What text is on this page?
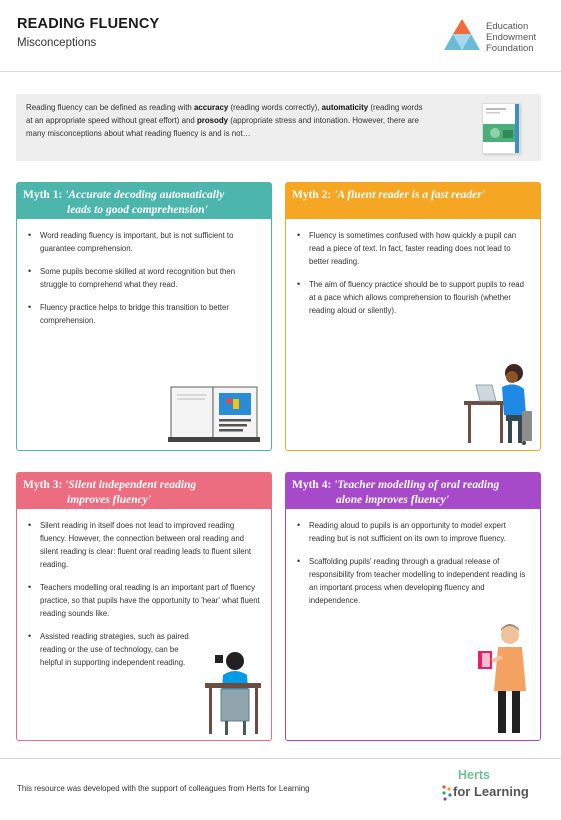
READING FLUENCY
Misconceptions
Education
Endowment
Foundation
Reading fluency can be defined as reading with accuracy (reading words correctly), automaticity (reading words at an appropriate speed without great effort) and prosody (appropriate stress and intonation. However, there are many misconceptions about what reading fluency is and is not…
Myth 1: 'Accurate decoding automatically
leads to good comprehension'
• Word reading fluency is important, but is not sufficient to guarantee comprehension.
• Some pupils become skilled at word recognition but then struggle to comprehend what they read.
• Fluency practice helps to bridge this transition to better comprehension.
Myth 2: 'A fluent reader is a fast reader'
• Fluency is sometimes confused with how quickly a pupil can read a piece of text. In fact, faster reading does not lead to better reading.
• The aim of fluency practice should be to support pupils to read at a pace which allows comprehension to flourish (whether reading aloud or silently).
Myth 3: 'Silent independent reading
improves fluency'
• Silent reading in itself does not lead to improved reading fluency. However, the connection between oral reading and silent reading is clear: fluent oral reading leads to fluent silent reading.
• Teachers modelling oral reading is an important part of fluency practice, so that pupils have the opportunity to 'hear' what fluent reading sounds like.
• Assisted reading strategies, such as paired reading or the use of technology, can be helpful in supporting independent reading.
Myth 4: 'Teacher modelling of oral reading
alone improves fluency'
• Reading aloud to pupils is an opportunity to model expert reading but is not sufficient on its own to improve fluency.
• Scaffolding pupils' reading through a gradual release of responsibility from teacher modelling to independent reading is an important process when developing fluency and independence.
This resource was developed with the support of colleagues from Herts for Learning
Herts
for Learning
